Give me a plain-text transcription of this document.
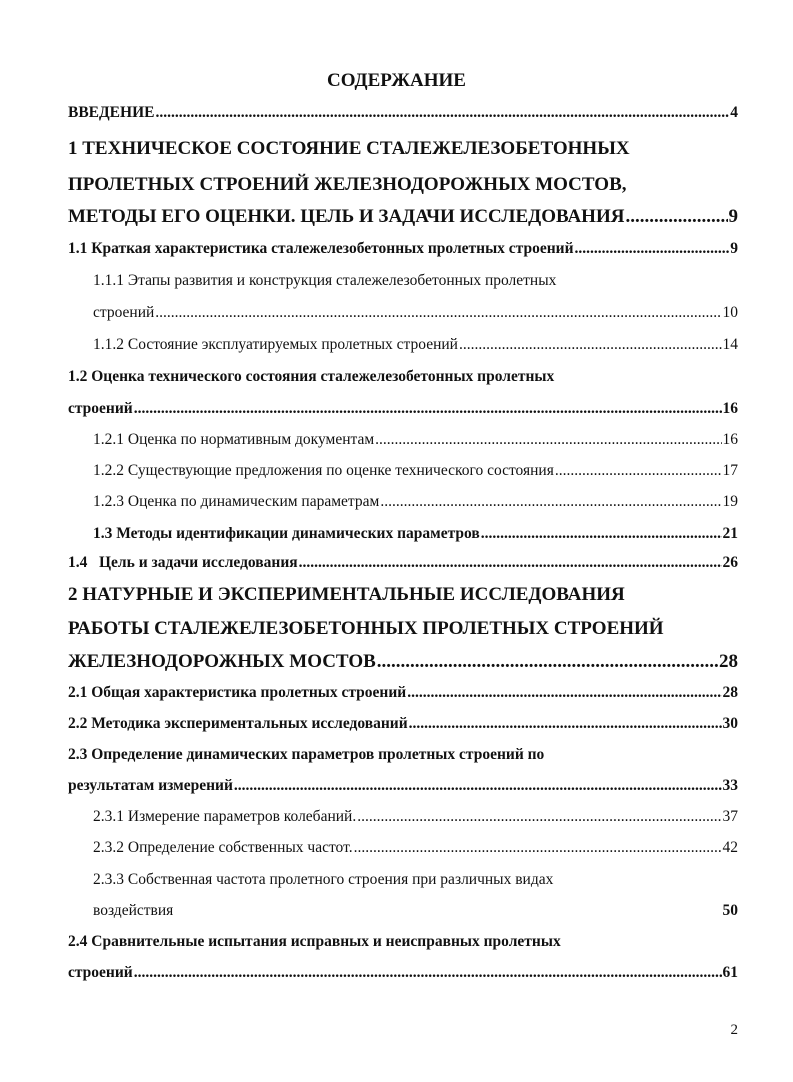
СОДЕРЖАНИЕ
ВВЕДЕНИЕ .....	4
1 ТЕХНИЧЕСКОЕ СОСТОЯНИЕ СТАЛЕЖЕЛЕЗОБЕТОННЫХ
ПРОЛЕТНЫХ СТРОЕНИЙ ЖЕЛЕЗНОДОРОЖНЫХ МОСТОВ,
МЕТОДЫ ЕГО ОЦЕНКИ. ЦЕЛЬ И ЗАДАЧИ ИССЛЕДОВАНИЯ .....	9
1.1 Краткая характеристика сталежелезобетонных пролетных строений .....	9
1.1.1 Этапы развития и конструкция сталежелезобетонных пролетных
строений .....	10
1.1.2 Состояние эксплуатируемых пролетных строений .....	14
1.2 Оценка технического состояния сталежелезобетонных пролетных
строений .....	16
1.2.1 Оценка по нормативным документам .....	16
1.2.2 Существующие предложения по оценке технического состояния .....	17
1.2.3 Оценка по динамическим параметрам .....	19
1.3 Методы идентификации динамических параметров .....	21
1.4   Цель и задачи исследования .....	26
2 НАТУРНЫЕ И ЭКСПЕРИМЕНТАЛЬНЫЕ ИССЛЕДОВАНИЯ
РАБОТЫ СТАЛЕЖЕЛЕЗОБЕТОННЫХ ПРОЛЕТНЫХ СТРОЕНИЙ
ЖЕЛЕЗНОДОРОЖНЫХ МОСТОВ .....	28
2.1 Общая характеристика пролетных строений .....	28
2.2 Методика экспериментальных исследований .....	30
2.3 Определение динамических параметров пролетных строений по
результатам измерений .....	33
2.3.1 Измерение параметров колебаний. .....	37
2.3.2 Определение собственных частот. .....	42
2.3.3 Собственная частота пролетного строения при различных видах
воздействия	50
2.4 Сравнительные испытания исправных и неисправных пролетных
строений .....	61
2
